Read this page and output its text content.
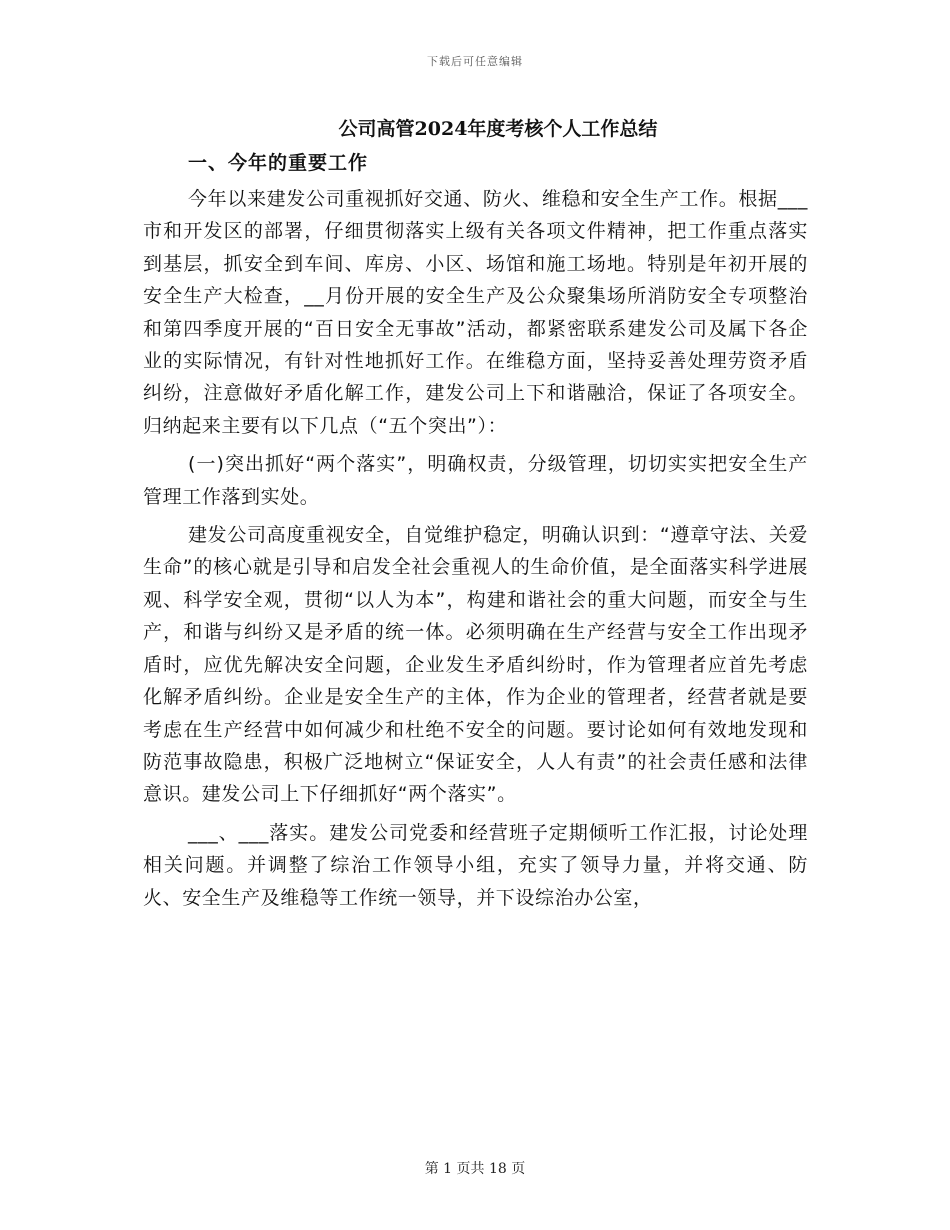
下载后可任意编辑
公司高管2024年度考核个人工作总结
一、今年的重要工作

今年以来建发公司重视抓好交通、防火、维稳和安全生产工作。根据___市和开发区的部署，仔细贯彻落实上级有关各项文件精神，把工作重点落实到基层，抓安全到车间、库房、小区、场馆和施工场地。特别是年初开展的安全生产大检查，__月份开展的安全生产及公众聚集场所消防安全专项整治和第四季度开展的“百日安全无事故”活动，都紧密联系建发公司及属下各企业的实际情况，有针对性地抓好工作。在维稳方面，坚持妥善处理劳资矛盾纠纷，注意做好矛盾化解工作，建发公司上下和谐融洽，保证了各项安全。归纳起来主要有以下几点（“五个突出”）：

(一)突出抓好“两个落实”，明确权责，分级管理，切切实实把安全生产管理工作落到实处。

建发公司高度重视安全，自觉维护稳定，明确认识到：“遵章守法、关爱生命”的核心就是引导和启发全社会重视人的生命价值，是全面落实科学进展观、科学安全观，贯彻“以人为本”，构建和谐社会的重大问题，而安全与生产，和谐与纠纷又是矛盾的统一体。必须明确在生产经营与安全工作出现矛盾时，应优先解决安全问题，企业发生矛盾纠纷时，作为管理者应首先考虑化解矛盾纠纷。企业是安全生产的主体，作为企业的管理者，经营者就是要考虑在生产经营中如何减少和杜绝不安全的问题。要讨论如何有效地发现和防范事故隐患，积极广泛地树立“保证安全，人人有责”的社会责任感和法律意识。建发公司上下仔细抓好“两个落实”。

___、___落实。建发公司党委和经营班子定期倾听工作汇报，讨论处理相关问题。并调整了综治工作领导小组，充实了领导力量，并将交通、防火、安全生产及维稳等工作统一领导，并下设综治办公室，

第 1 页共 18 页
